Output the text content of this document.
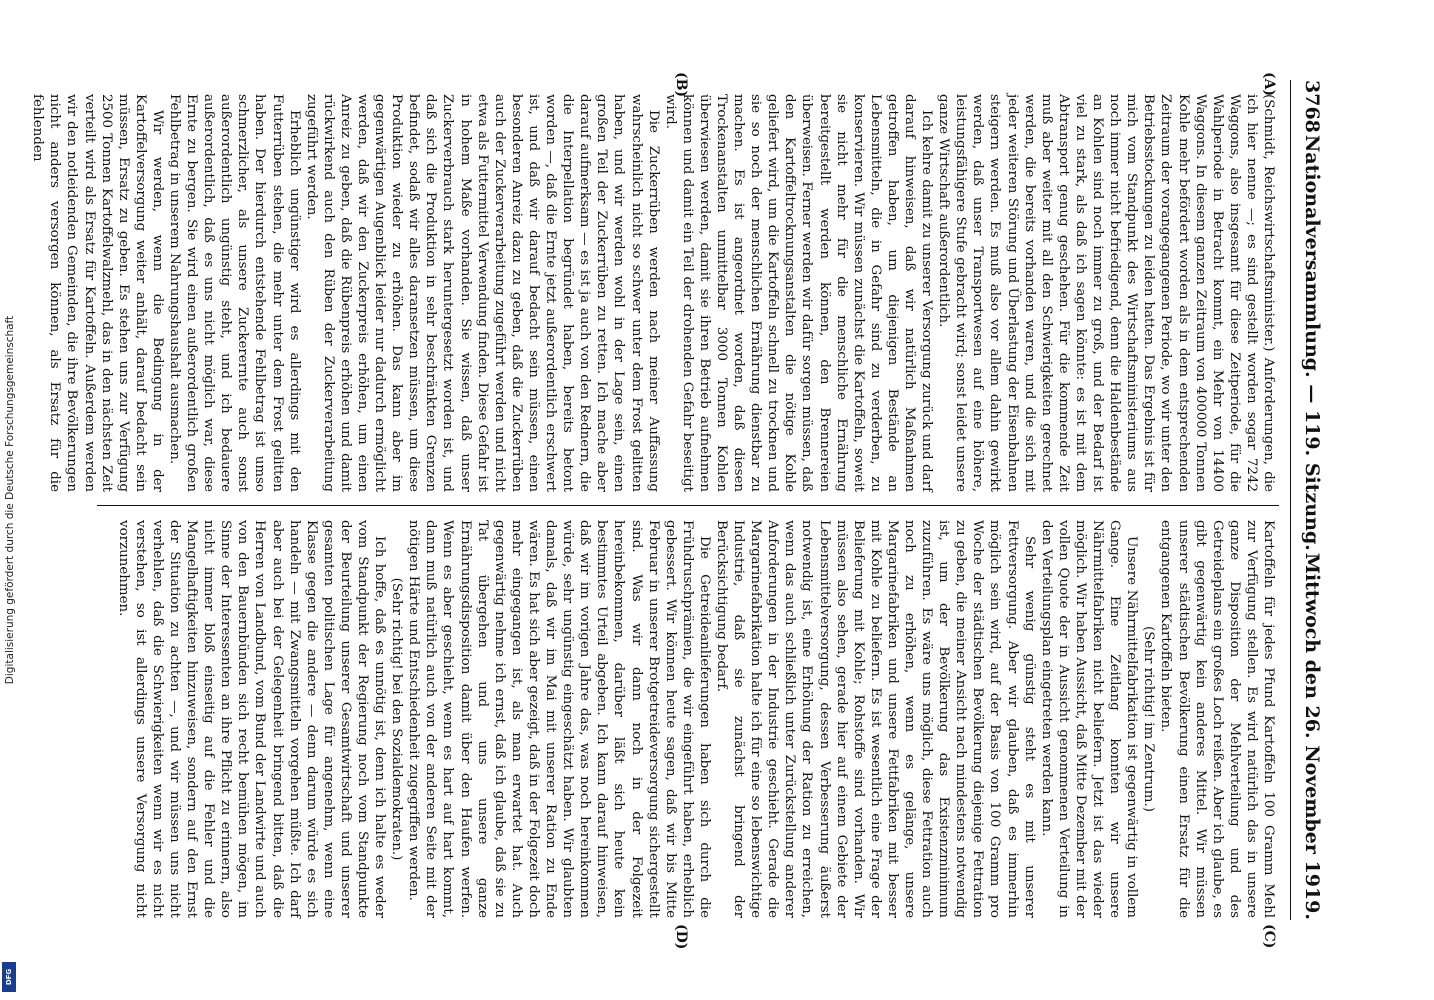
3768
Nationalversammlung. — 119. Sitzung.
Mittwoch den 26. November 1919.
(A)
(B)
(C)
(D)

(Schmidt, Reichswirtschaftsminister.) Anforderungen, die ich hier nenne —; es sind gestellt worden sogar 7242 Waggons, also insgesamt für diese Zeitperiode, für die Wahlperiode in Betracht kommt, ein Mehr von 14400 Waggons. In diesem ganzen Zeitraum von 400000 Tonnen Kohle mehr befördert worden als in dem entsprechenden Zeitraum der vorangegangenen Periode, wo wir unter den Betriebsstockungen zu leiden hatten. Das Ergebnis ist für mich vom Standpunkt des Wirtschaftsministeriums aus noch immer nicht befriedigend, denn die Haldenbestände an Kohlen sind noch immer zu groß, und der Bedarf ist viel zu stark, als daß ich sagen könnte: es ist mit dem Abtransport genug geschehen. Für die kommende Zeit muß aber weiter mit all den Schwierigkeiten gerechnet werden, die bereits vorhanden waren, und die sich mit jeder weiteren Störung und Überlastung der Eisenbahnen steigern werden. Es muß also vor allem dahin gewirkt werden, daß unser Transportwesen auf eine höhere, leistungsfähigere Stufe gebracht wird; sonst leidet unsere ganze Wirtschaft außerordentlich.

Ich kehre damit zu unserer Versorgung zurück und darf darauf hinweisen, daß wir natürlich Maßnahmen getroffen haben, um diejenigen Bestände an Lebensmitteln, die in Gefahr sind zu verderben, zu konservieren. Wir müssen zunächst die Kartoffeln, soweit sie nicht mehr für die menschliche Ernährung bereitgestellt werden können, den Brennereien überweisen. Ferner werden wir dafür sorgen müssen, daß den Kartoffeltrocknungsanstalten die nötige Kohle geliefert wird, um die Kartoffeln schnell zu trocknen und sie so noch der menschlichen Ernährung dienstbar zu machen. Es ist angeordnet worden, daß diesen Trockenanstalten unmittelbar 3000 Tonnen Kohlen überwiesen werden, damit sie ihren Betrieb aufnehmen können und damit ein Teil der drohenden Gefahr beseitigt wird.

Die Zuckerrüben werden nach meiner Auffassung wahrscheinlich nicht so schwer unter dem Frost gelitten haben, und wir werden wohl in der Lage sein, einen großen Teil der Zuckerrüben zu retten. Ich mache aber darauf aufmerksam — es ist ja auch von den Rednern, die die Interpellation begründet haben, bereits betont worden —, daß die Ernte jetzt außerordentlich erschwert ist, und daß wir darauf bedacht sein müssen, einen besonderen Anreiz dazu zu geben, daß die Zuckerrüben auch der Zuckerverarbeitung zugeführt werden und nicht etwa als Futtermittel Verwendung finden. Diese Gefahr ist in hohem Maße vorhanden. Sie wissen, daß unser Zuckerverbrauch stark heruntergesetzt worden ist, und daß sich die Produktion in sehr beschränkten Grenzen befindet, sodaß wir alles daransetzen müssen, um diese Produktion wieder zu erhöhen. Das kann aber im gegenwärtigen Augenblick leider nur dadurch ermöglicht werden, daß wir den Zuckerpreis erhöhen, um einen Anreiz zu geben, daß die Rübenpreis erhöhen und damit rückwirkend auch den Rüben der Zuckerverarbeitung zugeführt werden.

Erheblich ungünstiger wird es allerdings mit den Futterrüben stehen, die mehr unter dem Frost gelitten haben. Der hierdurch entstehende Fehlbetrag ist umso schmerzlicher, als unsere Zuckerernte auch sonst außerordentlich ungünstig steht, und ich bedauere außerordentlich, daß es uns nicht möglich war, diese Ernte zu bergen. Sie wird einen außerordentlich großen Fehlbetrag in unserem Nahrungshaushalt ausmachen.

Wir werden, wenn die Bedingung in der Kartoffelversorgung weiter anhält, darauf bedacht sein müssen, Ersatz zu geben. Es stehen uns zur Verfügung 2500 Tonnen Kartoffelwalzmehl, das in den nächsten Zeit verteilt wird als Ersatz für Kartoffeln. Außerdem werden wir den notleidenden Gemeinden, die ihre Bevölkerungen nicht anders versorgen können, als Ersatz für die fehlenden

Kartoffeln für jedes Pfund Kartoffeln 100 Gramm Mehl zur Verfügung stellen. Es wird natürlich das in unsere ganze Disposition der Mehlverteilung und des Getreideplans ein großes Loch reißen. Aber ich glaube, es gibt gegenwärtig kein anderes Mittel. Wir müssen unserer städtischen Bevölkerung einen Ersatz für die entgangenen Kartoffeln bieten.

(Sehr richtig! im Zentrum.)

Unsere Nährmittelfabrikation ist gegenwärtig in vollem Gange. Eine Zeitlang konnten wir unsere Nährmittelfabriken nicht beliefern. Jetzt ist das wieder möglich. Wir haben Aussicht, daß Mitte Dezember mit der vollen Quote der in Aussicht genommenen Verteilung in den Verteilungsplan eingetreten werden kann.

Sehr wenig günstig steht es mit unserer Fettversorgung. Aber wir glauben, daß es immerhin möglich sein wird, auf der Basis von 100 Gramm pro Woche der städtischen Bevölkerung diejenige Fettration zu geben, die meiner Ansicht nach mindestens notwendig ist, um der Bevölkerung das Existenzminimum zuzuführen. Es wäre uns möglich, diese Fettration auch noch zu erhöhen, wenn es gelänge, unsere Margarinefabriken und unsere Fettfabriken mit besser mit Kohle zu beliefern. Es ist wesentlich eine Frage der Belieferung mit Kohle; Rohstoffe sind vorhanden. Wir müssen also sehen, gerade hier auf einem Gebiete der Lebensmittelversorgung, dessen Verbesserung äußerst notwendig ist, eine Erhöhung der Ration zu erreichen, wenn das auch schließlich unter Zurückstellung anderer Anforderungen in der Industrie geschieht. Gerade die Margarinefabrikation halte ich für eine so lebenswichtige Industrie, daß sie zunächst bringend der Berücksichtigung bedarf.

Die Getreideanlieferungen haben sich durch die Frühdruschprämien, die wir eingeführt haben, erheblich gebessert. Wir können heute sagen, daß wir bis Mitte Februar in unserer Brotgetreideversorgung sichergestellt sind. Was wir dann noch in der Folgezeit hereinbekommen, darüber läßt sich heute kein bestimmtes Urteil abgeben. Ich kann darauf hinweisen, daß wir im vorigen Jahre das, was noch hereinkommen würde, sehr ungünstig eingeschätzt haben. Wir glaubten damals, daß wir im Mai mit unserer Ration zu Ende wären. Es hat sich aber gezeigt, daß in der Folgezeit doch mehr eingegangen ist, als man erwartet hat. Auch gegenwärtig nehme ich ernst, daß ich glaube, daß sie zu Tat übergehen und uns unsere ganze Ernährungsdisposition damit über den Haufen werfen. Wenn es aber geschieht, wenn es hart auf hart kommt, dann muß natürlich auch von der anderen Seite mit der nötigen Härte und Entschiedenheit zugegriffen werden.

(Sehr richtig! bei den Sozialdemokraten.)

Ich hoffe, daß es unnötig ist, denn ich halte es weder vom Standpunkt der Regierung noch vom Standpunkte der Beurteilung unserer Gesamtwirtschaft und unserer gesamten politischen Lage für angenehm, wenn eine Klasse gegen die andere — denn darum würde es sich handeln — mit Zwangsmitteln vorgehen müßte. Ich darf aber auch bei der Gelegenheit bringend bitten, daß die Herren von Landbund, vom Bund der Landwirte und auch von den Bauernbünden sich recht bemühen mögen, im Sinne der Interessenten an ihre Pflicht zu erinnern, also nicht immer bloß einseitig auf die Fehler und die Mangelhaftigkeiten hinzuweisen, sondern auf den Ernst der Situation zu achten —, und wir müssen uns nicht verhehlen, daß die Schwierigkeiten wenn wir es nicht verstehen, so ist allerdings unsere Versorgung nicht vorzunehmen.

Digitalisierung gefördert durch die Deutsche Forschungsgemeinschaft
DFG
